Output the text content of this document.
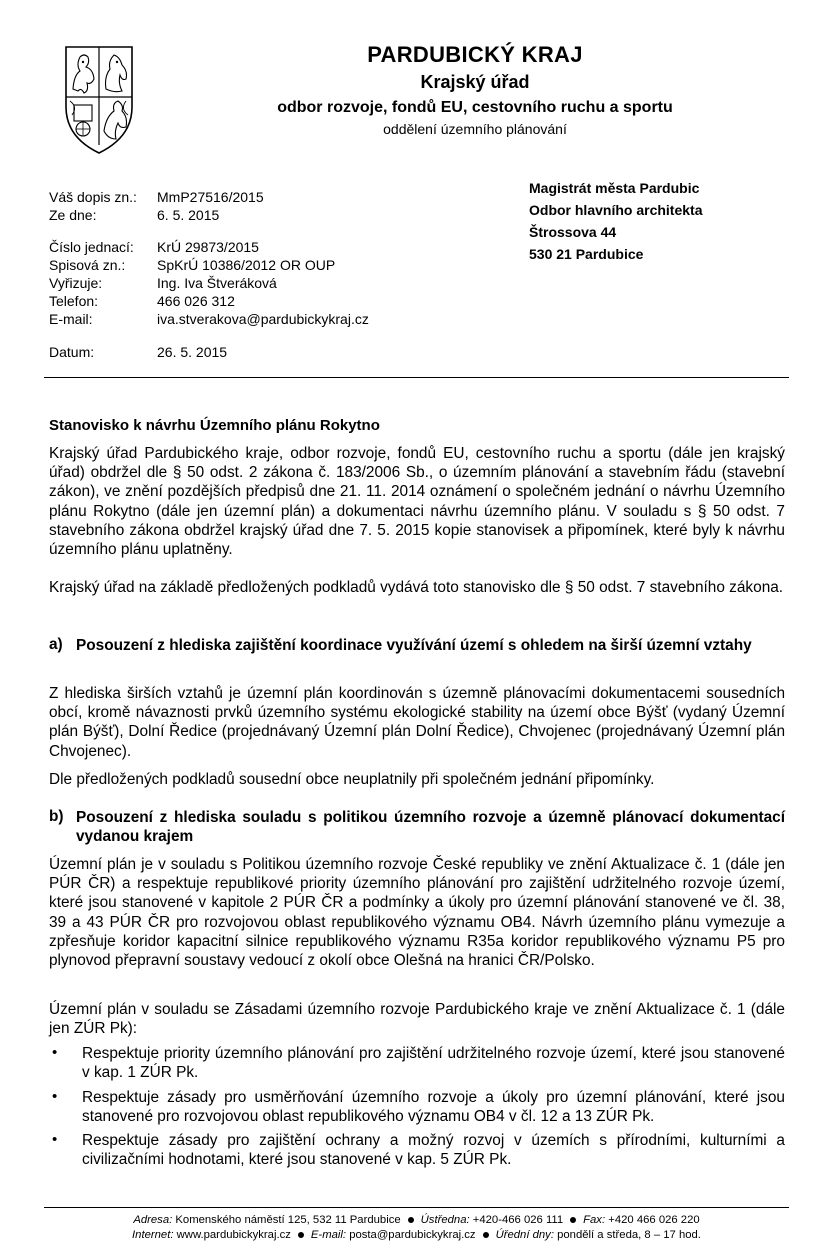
PARDUBICKÝ KRAJ
Krajský úřad
odbor rozvoje, fondů EU, cestovního ruchu a sportu
oddělení územního plánování
Váš dopis zn.: MmP27516/2015
Ze dne:	6. 5. 2015
Číslo jednací: KrÚ 29873/2015
Spisová zn.: SpKrÚ 10386/2012 OR OUP
Vyřizuje:	Ing. Iva Štveráková
Telefon:	466 026 312
E-mail:	iva.stverakova@pardubickykraj.cz
Datum:	26. 5. 2015
Magistrát města Pardubic
Odbor hlavního architekta
Štrossova 44
530 21 Pardubice
Stanovisko k návrhu Územního plánu Rokytno
Krajský úřad Pardubického kraje, odbor rozvoje, fondů EU, cestovního ruchu a sportu (dále jen krajský úřad) obdržel dle § 50 odst. 2 zákona č. 183/2006 Sb., o územním plánování a stavebním řádu (stavební zákon), ve znění pozdějších předpisů dne 21. 11. 2014 oznámení o společném jednání o návrhu Územního plánu Rokytno (dále jen územní plán) a dokumentaci návrhu územního plánu. V souladu s § 50 odst. 7 stavebního zákona obdržel krajský úřad dne 7. 5. 2015 kopie stanovisek a připomínek, které byly k návrhu územního plánu uplatněny.
Krajský úřad na základě předložených podkladů vydává toto stanovisko dle § 50 odst. 7 stavebního zákona.
a) Posouzení z hlediska zajištění koordinace využívání území s ohledem na širší územní vztahy
Z hlediska širších vztahů je územní plán koordinován s územně plánovacími dokumentacemi sousedních obcí, kromě návaznosti prvků územního systému ekologické stability na území obce Býšť (vydaný Územní plán Býšť), Dolní Ředice (projednávaný Územní plán Dolní Ředice), Chvojenec (projednávaný Územní plán Chvojenec).
Dle předložených podkladů sousední obce neuplatnily při společném jednání připomínky.
b) Posouzení z hlediska souladu s politikou územního rozvoje a územně plánovací dokumentací vydanou krajem
Územní plán je v souladu s Politikou územního rozvoje České republiky ve znění Aktualizace č. 1 (dále jen PÚR ČR) a respektuje republikové priority územního plánování pro zajištění udržitelného rozvoje území, které jsou stanovené v kapitole 2 PÚR ČR a podmínky a úkoly pro územní plánování stanovené ve čl. 38, 39 a 43 PÚR ČR pro rozvojovou oblast republikového významu OB4. Návrh územního plánu vymezuje a zpřesňuje koridor kapacitní silnice republikového významu R35a koridor republikového významu P5 pro plynovod přepravní soustavy vedoucí z okolí obce Olešná na hranici ČR/Polsko.
Územní plán v souladu se Zásadami územního rozvoje Pardubického kraje ve znění Aktualizace č. 1 (dále jen ZÚR Pk):
• Respektuje priority územního plánování pro zajištění udržitelného rozvoje území, které jsou stanovené v kap. 1 ZÚR Pk.
• Respektuje zásady pro usměrňování územního rozvoje a úkoly pro územní plánování, které jsou stanovené pro rozvojovou oblast republikového významu OB4 v čl. 12 a 13 ZÚR Pk.
• Respektuje zásady pro zajištění ochrany a možný rozvoj v územích s přírodními, kulturními a civilizačními hodnotami, které jsou stanovené v kap. 5 ZÚR Pk.
Adresa: Komenského náměstí 125, 532 11 Pardubice Ústředna: +420-466 026 111 Fax: +420 466 026 220
Internet: www.pardubickykraj.cz E-mail: posta@pardubickykraj.cz Úřední dny: pondělí a středa, 8 – 17 hod.
